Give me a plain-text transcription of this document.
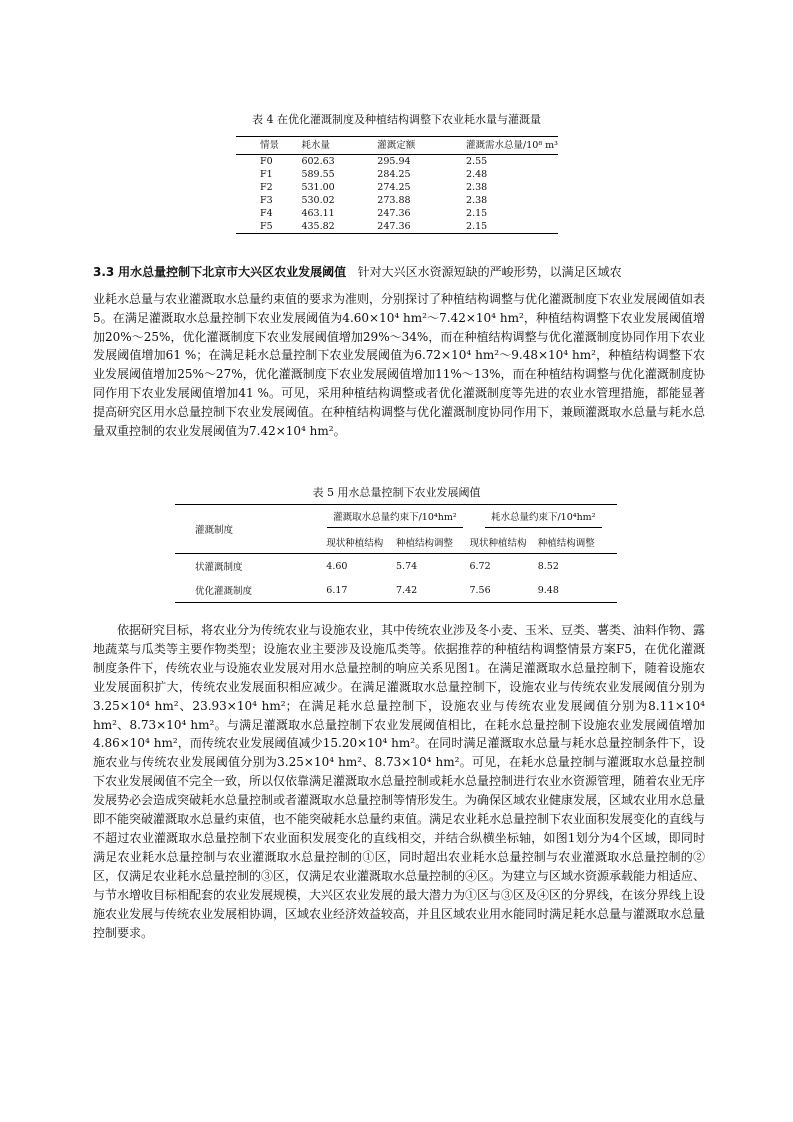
表 4 在优化灌溉制度及种植结构调整下农业耗水量与灌溉量
情景	耗水量	灌溉定额	灌溉需水总量/10⁸ m³
F0	602.63	295.94	2.55
F1	589.55	284.25	2.48
F2	531.00	274.25	2.38
F3	530.02	273.88	2.38
F4	463.11	247.36	2.15
F5	435.82	247.36	2.15
3.3 用水总量控制下北京市大兴区农业发展阈值 针对大兴区水资源短缺的严峻形势，以满足区域农

业耗水总量与农业灌溉取水总量约束值的要求为准则，分别探讨了种植结构调整与优化灌溉制度下农业发展阈值如表5。在满足灌溉取水总量控制下农业发展阈值为4.60×10⁴ hm²～7.42×10⁴ hm²，种植结构调整下农业发展阈值增加20%～25%，优化灌溉制度下农业发展阈值增加29%～34%，而在种植结构调整与优化灌溉制度协同作用下农业发展阈值增加61 %；在满足耗水总量控制下农业发展阈值为6.72×10⁴ hm²～9.48×10⁴ hm²，种植结构调整下农业发展阈值增加25%～27%，优化灌溉制度下农业发展阈值增加11%～13%，而在种植结构调整与优化灌溉制度协同作用下农业发展阈值增加41 %。可见，采用种植结构调整或者优化灌溉制度等先进的农业水管理措施，都能显著提高研究区用水总量控制下农业发展阈值。在种植结构调整与优化灌溉制度协同作用下，兼顾灌溉取水总量与耗水总量双重控制的农业发展阈值为7.42×10⁴ hm²。

表 5 用水总量控制下农业发展阈值
灌溉制度	灌溉取水总量约束下/10⁴hm²		耗水总量约束下/10⁴hm²	
	现状种植结构	种植结构调整	现状种植结构	种植结构调整
状灌溉制度	4.60	5.74	6.72	8.52
优化灌溉制度	6.17	7.42	7.56	9.48

依据研究目标，将农业分为传统农业与设施农业，其中传统农业涉及冬小麦、玉米、豆类、薯类、油料作物、露地蔬菜与瓜类等主要作物类型；设施农业主要涉及设施瓜类等。依据推荐的种植结构调整情景方案F5，在优化灌溉制度条件下，传统农业与设施农业发展对用水总量控制的响应关系见图1。在满足灌溉取水总量控制下，随着设施农业发展面积扩大，传统农业发展面积相应减少。在满足灌溉取水总量控制下，设施农业与传统农业发展阈值分别为3.25×10⁴ hm²、23.93×10⁴ hm²；在满足耗水总量控制下，设施农业与传统农业发展阈值分别为8.11×10⁴ hm²、8.73×10⁴ hm²。与满足灌溉取水总量控制下农业发展阈值相比，在耗水总量控制下设施农业发展阈值增加4.86×10⁴ hm²，而传统农业发展阈值减少15.20×10⁴ hm²。在同时满足灌溉取水总量与耗水总量控制条件下，设施农业与传统农业发展阈值分别为3.25×10⁴ hm²、8.73×10⁴ hm²。可见，在耗水总量控制与灌溉取水总量控制下农业发展阈值不完全一致，所以仅依靠满足灌溉取水总量控制或耗水总量控制进行农业水资源管理，随着农业无序发展势必会造成突破耗水总量控制或者灌溉取水总量控制等情形发生。为确保区域农业健康发展，区域农业用水总量即不能突破灌溉取水总量约束值，也不能突破耗水总量约束值。满足农业耗水总量控制下农业面积发展变化的直线与不超过农业灌溉取水总量控制下农业面积发展变化的直线相交，并结合纵横坐标轴，如图1划分为4个区域，即同时满足农业耗水总量控制与农业灌溉取水总量控制的①区，同时超出农业耗水总量控制与农业灌溉取水总量控制的②区，仅满足农业耗水总量控制的③区，仅满足农业灌溉取水总量控制的④区。为建立与区域水资源承载能力相适应、与节水增收目标相配套的农业发展规模，大兴区农业发展的最大潜力为①区与③区及④区的分界线，在该分界线上设施农业发展与传统农业发展相协调，区域农业经济效益较高，并且区域农业用水能同时满足耗水总量与灌溉取水总量控制要求。
